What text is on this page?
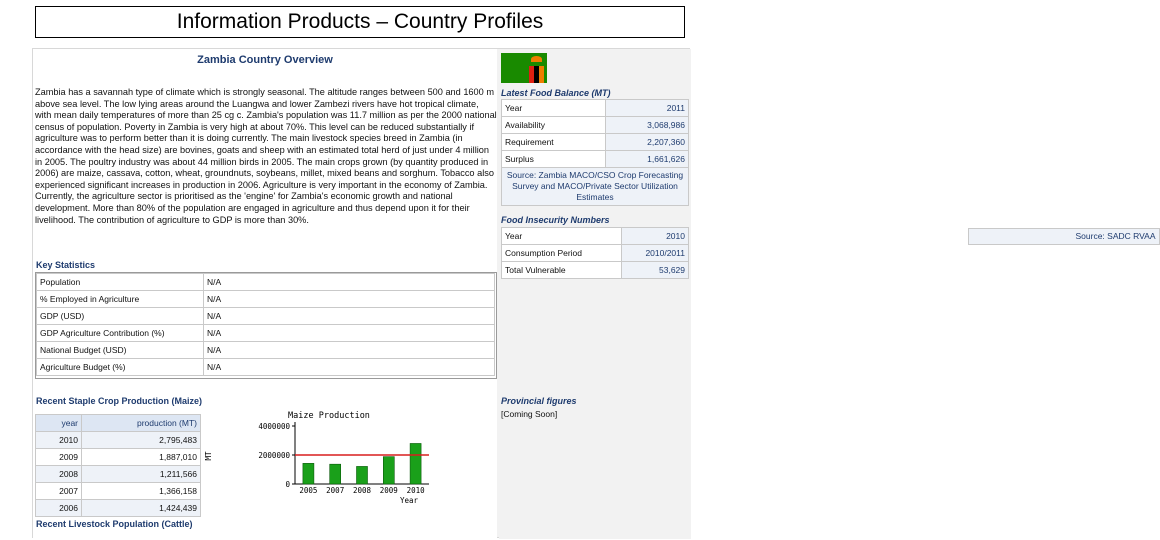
Information Products – Country Profiles
Zambia Country Overview
Zambia has a savannah type of climate which is strongly seasonal. The altitude ranges between 500 and 1600 m above sea level. The low lying areas around the Luangwa and lower Zambezi rivers have hot tropical climate, with mean daily temperatures of more than 25 cg c. Zambia's population was 11.7 million as per the 2000 national census of population. Poverty in Zambia is very high at about 70%. This level can be reduced substantially if agriculture was to perform better than it is doing currently. The main livestock species breed in Zambia (in accordance with the head size) are bovines, goats and sheep with an estimated total herd of just under 4 million in 2005. The poultry industry was about 44 million birds in 2005. The main crops grown (by quantity produced in 2006) are maize, cassava, cotton, wheat, groundnuts, soybeans, millet, mixed beans and sorghum. Tobacco also experienced significant increases in production in 2006. Agriculture is very important in the economy of Zambia. Currently, the agriculture sector is prioritised as the 'engine' for Zambia's economic growth and national development. More than 80% of the population are engaged in agriculture and thus depend upon it for their livelihood. The contribution of agriculture to GDP is more than 30%.
Key Statistics
Population	N/A
% Employed in Agriculture	N/A
GDP (USD)	N/A
GDP Agriculture Contribution (%)	N/A
National Budget (USD)	N/A
Agriculture Budget (%)	N/A
Recent Staple Crop Production (Maize)
year	production (MT)
2010	2,795,483
2009	1,887,010
2008	1,211,566
2007	1,366,158
2006	1,424,439
Maize Production
MT
Year
4000000
2000000
0
2005 2007 2008 2009 2010
Recent Livestock Population (Cattle)
Latest Food Balance (MT)
Year	2011
Availability	3,068,986
Requirement	2,207,360
Surplus	1,661,626
Source: Zambia MACO/CSO Crop Forecasting Survey and MACO/Private Sector Utilization Estimates	
Food Insecurity Numbers
Year	2010
Consumption Period	2010/2011
Total Vulnerable	53,629

Source: SADC RVAA
Provincial figures
[Coming Soon]
